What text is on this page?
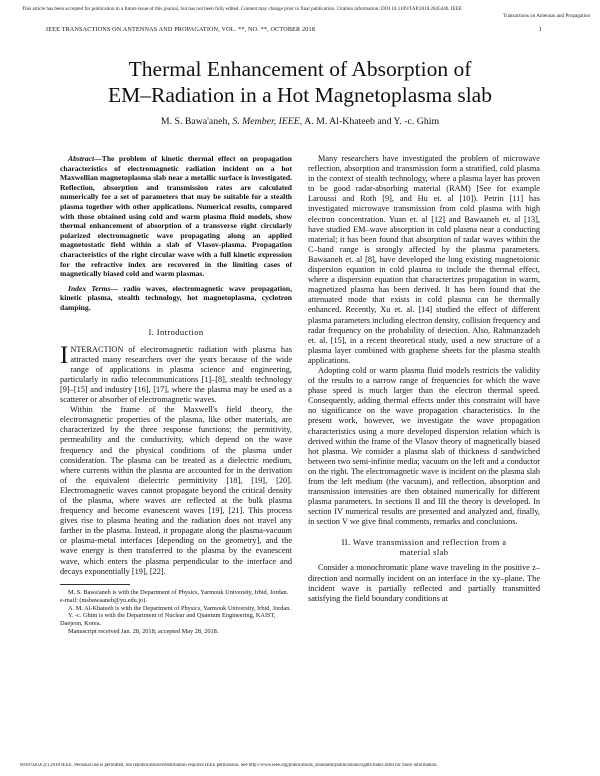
This article has been accepted for publication in a future issue of this journal, but has not been fully edited. Content may change prior to final publication. Citation information: DOI 10.1109/TAP.2018.2845446, IEEE
Transactions on Antennas and Propagation
IEEE TRANSACTIONS ON ANTENNAS AND PROPAGATION, VOL. **, NO. **, OCTOBER 2018	1
Thermal Enhancement of Absorption of
EM–Radiation in a Hot Magnetoplasma slab
M. S. Bawa'aneh, S. Member, IEEE, A. M. Al-Khateeb and Y. -c. Ghim

Abstract—The problem of kinetic thermal effect on propagation characteristics of electromagnetic radiation incident on a hot Maxwellian magnetoplasma slab near a metallic surface is investigated. Reflection, absorption and transmission rates are calculated numerically for a set of parameters that may be suitable for a stealth plasma together with other applications. Numerical results, compared with those obtained using cold and warm plasma fluid models, show thermal enhancement of absorption of a transverse right circularly polarized electromagnetic wave propagating along an applied magnetostatic field within a slab of Vlasov-plasma. Propagation characteristics of the right circular wave with a full kinetic expression for the refractive index are recovered in the limiting cases of magnetically biased cold and warm plasmas.

Index Terms— radio waves, electromagnetic wave propagation, kinetic plasma, stealth technology, hot magnetoplasma, cyclotron damping.

I. Introduction

INTERACTION of electromagnetic radiation with plasma has attracted many researchers over the years because of the wide range of applications in plasma science and engineering, particularly in radio telecommunications [1]–[8], stealth technology [9]–[15] and industry [16], [17], where the plasma may be used as a scatterer or absorber of electromagnetic waves.

Within the frame of the Maxwell's field theory, the electromagnetic properties of the plasma, like other materials, are characterized by the three response functions; the permitivity, permeability and the conductivity, which depend on the wave frequency and the physical conditions of the plasma under consideration. The plasma can be treated as a dielectric medium, where currents within the plasma are accounted for in the derivation of the equivalent dielectric permittivity [18], [19], [20]. Electromagnetic waves cannot propagate beyond the critical density of the plasma, where waves are reflected at the bulk plasma frequency and become evanescent waves [19], [21]. This process gives rise to plasma heating and the radiation does not travel any farther in the plasma. Instead, it propagate along the plasma-vacuum or plasma-metal interfaces [depending on the geometry], and the wave energy is then transferred to the plasma by the evanescent wave, which enters the plasma perpendicular to the interface and decays exponentially [19], [22].

M. S. Bawa'aneh is with the Department of Physics, Yarmouk University, Irbid, Jordan. e-mail: (msbawaaneh@yu.edu.jo).

A. M. Al-Khateeb is with the Department of Physics, Yarmouk University, Irbid, Jordan.

Y. -c. Ghim is with the Department of Nuclear and Quantum Engineering, KAIST, Daejeon, Korea.

Manuscript received Jan. 28, 2018; accepted May 28, 2018.

Many researchers have investigated the problem of microwave reflection, absorption and transmission form a stratified, cold plasma in the context of stealth technology, where a plasma layer has proven to be good radar-absorbing material (RAM) [See for example Laroussi and Roth [9], and Hu et. al [10]). Petrin [11] has investigated microwave transmission from cold plasma with high electron concentration. Yuan et. al [12] and Bawaaneh et. al [13], have studied EM–wave absorption in cold plasma near a conducting material; it has been found that absorption of radar waves within the C–band range is strongly affected by the plasma parameters. Bawaaneh et. al [8], have developed the long existing magnetoionic dispersion equation in cold plasma to include the thermal effect, where a dispersion equation that characterizes propagation in warm, magnetized plasma has been derived. It has been found that the attenuated mode that exists in cold plasma can be thermally enhanced. Recently, Xu et. al. [14] studied the effect of different plasma parameters including electron density, collision frequency and radar frequency on the probability of detection. Also, Rahmanzadeh et. al. [15], in a recent theoretical study, used a new structure of a plasma layer combined with graphene sheets for the plasma stealth applications.

Adopting cold or warm plasma fluid models restricts the validity of the results to a narrow range of frequencies for which the wave phase speed is much larger than the electron thermal speed. Consequently, adding thermal effects under this constraint will have no significance on the wave propagation characteristics. In the present work, however, we investigate the wave propagation characteristics using a more developed dispersion relation which is derived within the frame of the Vlasov theory of magnetically biased hot plasma. We consider a plasma slab of thickness d sandwiched between two semi-infinite media; vacuum on the left and a conductor on the right. The electromagnetic wave is incident on the plasma slab from the left medium (the vacuum), and reflection, absorption and transmission intensities are then obtained numerically for different plasma parameters. In sections II and III the theory is developed. In section IV numerical results are presented and analyzed and, finally, in section V we give final comments, remarks and conclusions.

II. Wave transmission and reflection from a
material slab

Consider a monochromatic plane wave traveling in the positive z–direction and normally incident on an interface in the xy–plane. The incident wave is partially reflected and partially transmitted satisfying the field boundary conditions at

0018-926X (c) 2018 IEEE. Personal use is permitted, but republication/redistribution requires IEEE permission. See http://www.ieee.org/publications_standards/publications/rights/index.html for more information.
